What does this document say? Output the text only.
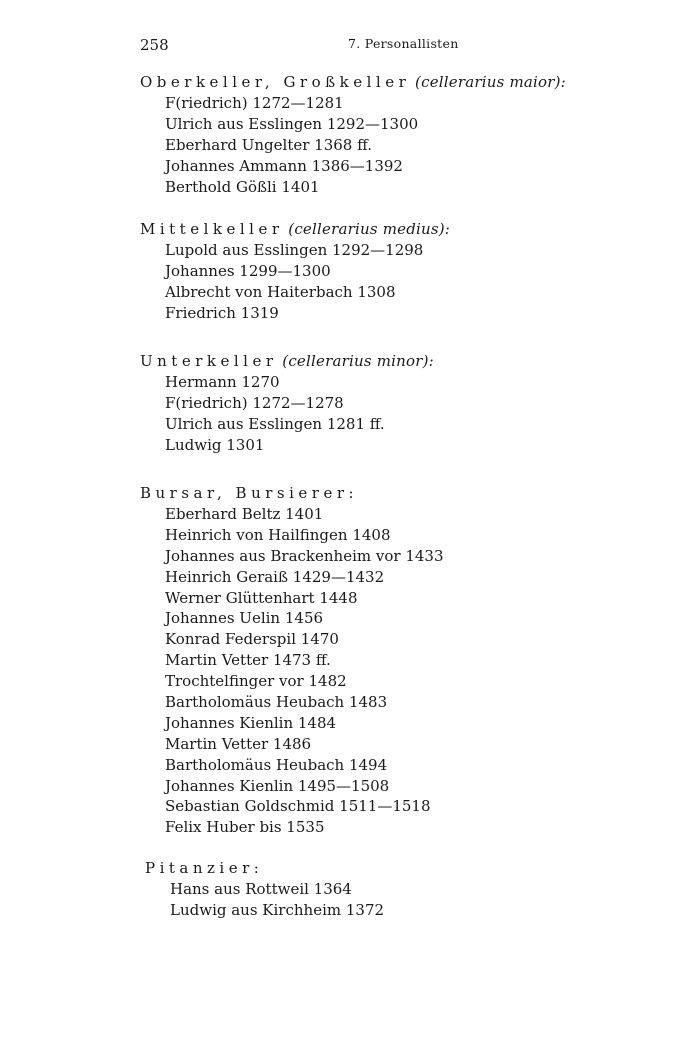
258	7. Personallisten
Oberkeller, Großkeller (cellerarius maior):
F(riedrich) 1272—1281
Ulrich aus Esslingen 1292—1300
Eberhard Ungelter 1368 ff.
Johannes Ammann 1386—1392
Berthold Gößli 1401
Mittelkeller (cellerarius medius):
Lupold aus Esslingen 1292—1298
Johannes 1299—1300
Albrecht von Haiterbach 1308
Friedrich 1319
Unterkeller (cellerarius minor):
Hermann 1270
F(riedrich) 1272—1278
Ulrich aus Esslingen 1281 ff.
Ludwig 1301
Bursar, Bursierer:
Eberhard Beltz 1401
Heinrich von Hailfingen 1408
Johannes aus Brackenheim vor 1433
Heinrich Geraiß 1429—1432
Werner Glüttenhart 1448
Johannes Uelin 1456
Konrad Federspil 1470
Martin Vetter 1473 ff.
Trochtelfinger vor 1482
Bartholomäus Heubach 1483
Johannes Kienlin 1484
Martin Vetter 1486
Bartholomäus Heubach 1494
Johannes Kienlin 1495—1508
Sebastian Goldschmid 1511—1518
Felix Huber bis 1535
Pitanzier:
Hans aus Rottweil 1364
Ludwig aus Kirchheim 1372
